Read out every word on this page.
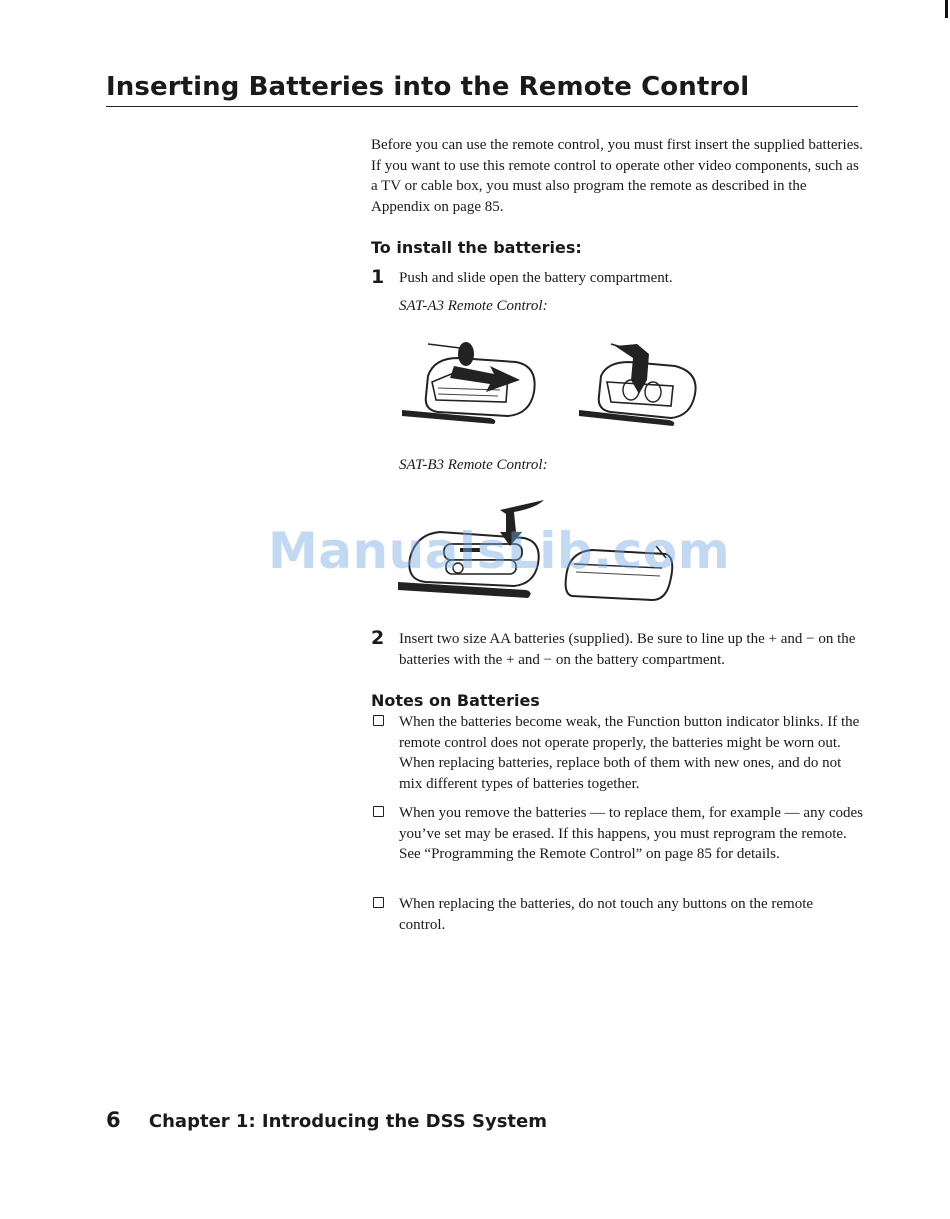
Inserting Batteries into the Remote Control

Before you can use the remote control, you must first insert the supplied batteries. If you want to use this remote control to operate other video components, such as a TV or cable box, you must also program the remote as described in the Appendix on page 85.

To install the batteries:
1 Push and slide open the battery compartment.
SAT-A3 Remote Control:
SAT-B3 Remote Control:
ManualsLib.com
2 Insert two size AA batteries (supplied). Be sure to line up the + and − on the batteries with the + and − on the battery compartment.
Notes on Batteries
When the batteries become weak, the Function button indicator blinks. If the remote control does not operate properly, the batteries might be worn out. When replacing batteries, replace both of them with new ones, and do not mix different types of batteries together.
When you remove the batteries — to replace them, for example — any codes you’ve set may be erased. If this happens, you must reprogram the remote. See “Programming the Remote Control” on page 85 for details.
When replacing the batteries, do not touch any buttons on the remote control.
6 Chapter 1: Introducing the DSS System
